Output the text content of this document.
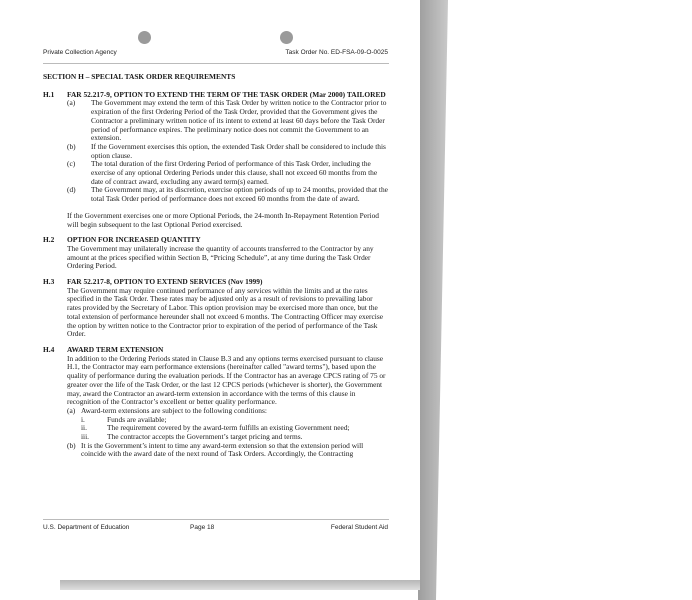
Private Collection Agency	Task Order No. ED-FSA-09-O-0025
SECTION H – SPECIAL TASK ORDER REQUIREMENTS
H.1	FAR 52.217-9, OPTION TO EXTEND THE TERM OF THE TASK ORDER (Mar 2000) TAILORED
(a)	The Government may extend the term of this Task Order by written notice to the Contractor prior to expiration of the first Ordering Period of the Task Order, provided that the Government gives the Contractor a preliminary written notice of its intent to extend at least 60 days before the Task Order period of performance expires. The preliminary notice does not commit the Government to an extension.
(b)	If the Government exercises this option, the extended Task Order shall be considered to include this option clause.
(c)	The total duration of the first Ordering Period of performance of this Task Order, including the exercise of any optional Ordering Periods under this clause, shall not exceed 60 months from the date of contract award, excluding any award term(s) earned.
(d)	The Government may, at its discretion, exercise option periods of up to 24 months, provided that the total Task Order period of performance does not exceed 60 months from the date of award.
If the Government exercises one or more Optional Periods, the 24-month In-Repayment Retention Period will begin subsequent to the last Optional Period exercised.
H.2	OPTION FOR INCREASED QUANTITY
The Government may unilaterally increase the quantity of accounts transferred to the Contractor by any amount at the prices specified within Section B, “Pricing Schedule”, at any time during the Task Order Ordering Period.
H.3	FAR 52.217-8, OPTION TO EXTEND SERVICES (Nov 1999)
The Government may require continued performance of any services within the limits and at the rates specified in the Task Order. These rates may be adjusted only as a result of revisions to prevailing labor rates provided by the Secretary of Labor. This option provision may be exercised more than once, but the total extension of performance hereunder shall not exceed 6 months. The Contracting Officer may exercise the option by written notice to the Contractor prior to expiration of the period of performance of the Task Order.
H.4	AWARD TERM EXTENSION
In addition to the Ordering Periods stated in Clause B.3 and any options terms exercised pursuant to clause H.1, the Contractor may earn performance extensions (hereinafter called "award terms"), based upon the quality of performance during the evaluation periods. If the Contractor has an average CPCS rating of 75 or greater over the life of the Task Order, or the last 12 CPCS periods (whichever is shorter), the Government may, award the Contractor an award-term extension in accordance with the terms of this clause in recognition of the Contractor’s excellent or better quality performance.
(a) Award-term extensions are subject to the following conditions:
i.	Funds are available;
ii.	The requirement covered by the award-term fulfills an existing Government need;
iii.	The contractor accepts the Government’s target pricing and terms.
(b) It is the Government’s intent to time any award-term extension so that the extension period will coincide with the award date of the next round of Task Orders. Accordingly, the Contracting
U.S. Department of Education	Page 18	Federal Student Aid
